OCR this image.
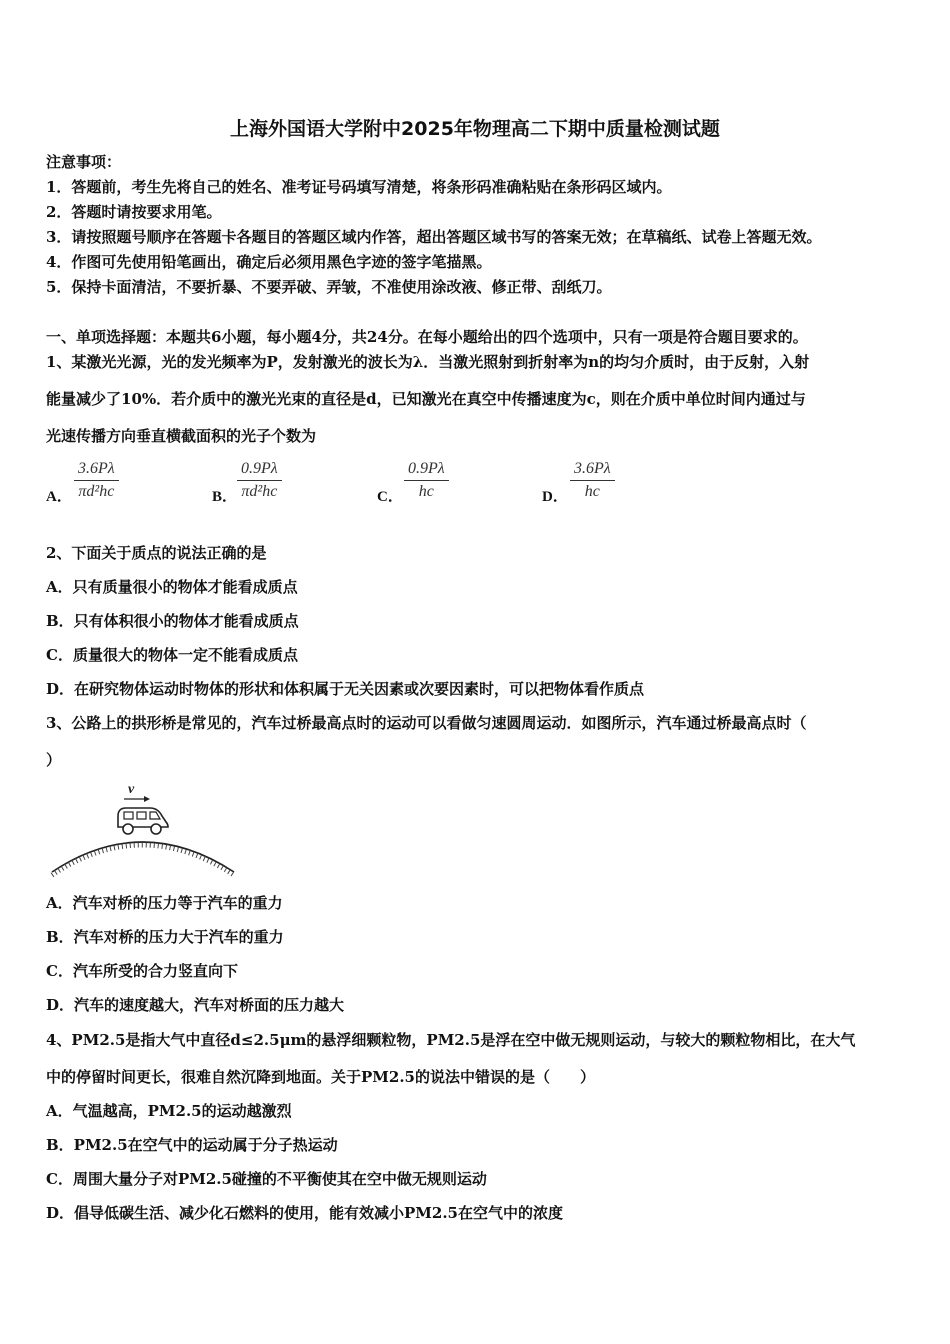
上海外国语大学附中2025年物理高二下期中质量检测试题
注意事项：
1．答题前，考生先将自己的姓名、准考证号码填写清楚，将条形码准确粘贴在条形码区域内。
2．答题时请按要求用笔。
3．请按照题号顺序在答题卡各题目的答题区域内作答，超出答题区域书写的答案无效；在草稿纸、试卷上答题无效。
4．作图可先使用铅笔画出，确定后必须用黑色字迹的签字笔描黑。
5．保持卡面清洁，不要折暴、不要弄破、弄皱，不准使用涂改液、修正带、刮纸刀。
一、单项选择题：本题共6小题，每小题4分，共24分。在每小题给出的四个选项中，只有一项是符合题目要求的。
1、某激光光源，光的发光频率为P，发射激光的波长为λ．当激光照射到折射率为n的均匀介质时，由于反射，入射
能量减少了10%．若介质中的激光光束的直径是d，已知激光在真空中传播速度为c，则在介质中单位时间内通过与
光速传播方向垂直横截面积的光子个数为
A． $\frac{3.6P\lambda}{\text{πd²hc}}$	B． $\frac{0.9P\lambda}{\text{πd²hc}}$	C． $\frac{0.9P\lambda}{hc}$	D． $\frac{3.6P\lambda}{hc}$
2、下面关于质点的说法正确的是
A．只有质量很小的物体才能看成质点
B．只有体积很小的物体才能看成质点
C．质量很大的物体一定不能看成质点
D．在研究物体运动时物体的形状和体积属于无关因素或次要因素时，可以把物体看作质点
3、公路上的拱形桥是常见的，汽车过桥最高点时的运动可以看做匀速圆周运动．如图所示，汽车通过桥最高点时（
）
v
A．汽车对桥的压力等于汽车的重力
B．汽车对桥的压力大于汽车的重力
C．汽车所受的合力竖直向下
D．汽车的速度越大，汽车对桥面的压力越大
4、PM2.5是指大气中直径d≤2.5μm的悬浮细颗粒物，PM2.5是浮在空中做无规则运动，与较大的颗粒物相比，在大气
中的停留时间更长，很难自然沉降到地面。关于PM2.5的说法中错误的是（　　）
A．气温越高，PM2.5的运动越激烈
B．PM2.5在空气中的运动属于分子热运动
C．周围大量分子对PM2.5碰撞的不平衡使其在空中做无规则运动
D．倡导低碳生活、减少化石燃料的使用，能有效减小PM2.5在空气中的浓度
